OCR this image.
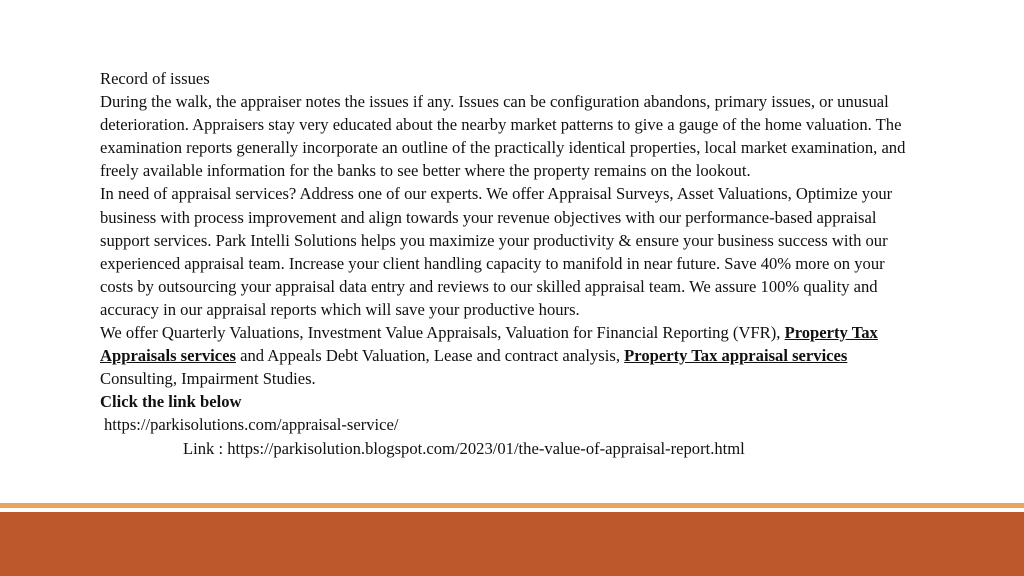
Record of issues

During the walk, the appraiser notes the issues if any. Issues can be configuration abandons, primary issues, or unusual deterioration. Appraisers stay very educated about the nearby market patterns to give a gauge of the home valuation. The examination reports generally incorporate an outline of the practically identical properties, local market examination, and freely available information for the banks to see better where the property remains on the lookout.

In need of appraisal services? Address one of our experts. We offer Appraisal Surveys, Asset Valuations, Optimize your business with process improvement and align towards your revenue objectives with our performance-based appraisal support services. Park Intelli Solutions helps you maximize your productivity & ensure your business success with our experienced appraisal team. Increase your client handling capacity to manifold in near future. Save 40% more on your costs by outsourcing your appraisal data entry and reviews to our skilled appraisal team. We assure 100% quality and accuracy in our appraisal reports which will save your productive hours.

We offer Quarterly Valuations, Investment Value Appraisals, Valuation for Financial Reporting (VFR), Property Tax Appraisals services and Appeals Debt Valuation, Lease and contract analysis, Property Tax appraisal services Consulting, Impairment Studies.

Click the link below

https://parkisolutions.com/appraisal-service/

Link : https://parkisolution.blogspot.com/2023/01/the-value-of-appraisal-report.html
